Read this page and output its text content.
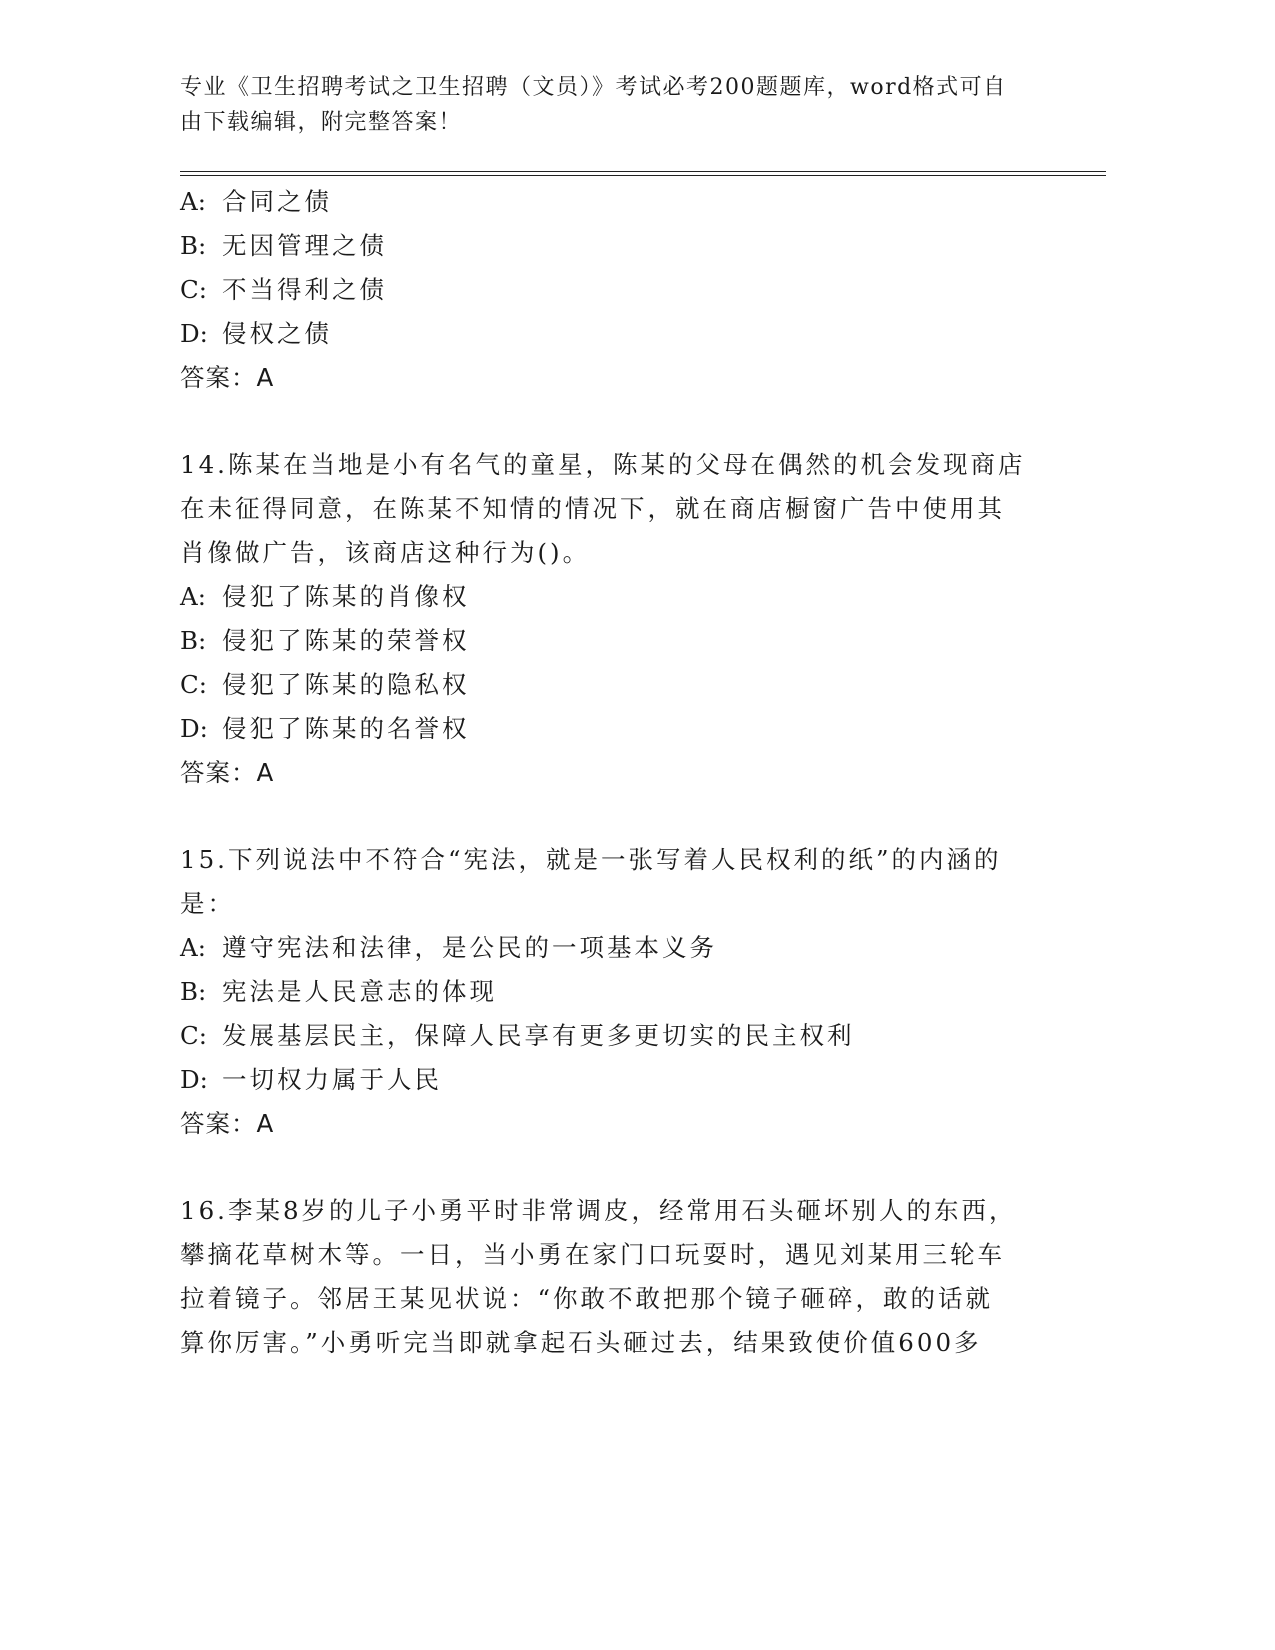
专业《卫生招聘考试之卫生招聘（文员）》考试必考200题题库，word格式可自
由下载编辑，附完整答案！
A: 合同之债
B: 无因管理之债
C: 不当得利之债
D: 侵权之债
答案：A
14.陈某在当地是小有名气的童星，陈某的父母在偶然的机会发现商店
在未征得同意，在陈某不知情的情况下，就在商店橱窗广告中使用其
肖像做广告，该商店这种行为()。
A: 侵犯了陈某的肖像权
B: 侵犯了陈某的荣誉权
C: 侵犯了陈某的隐私权
D: 侵犯了陈某的名誉权
答案：A
15.下列说法中不符合“宪法，就是一张写着人民权利的纸”的内涵的
是：
A: 遵守宪法和法律，是公民的一项基本义务
B: 宪法是人民意志的体现
C: 发展基层民主，保障人民享有更多更切实的民主权利
D: 一切权力属于人民
答案：A
16.李某8岁的儿子小勇平时非常调皮，经常用石头砸坏别人的东西，
攀摘花草树木等。一日，当小勇在家门口玩耍时，遇见刘某用三轮车
拉着镜子。邻居王某见状说：“你敢不敢把那个镜子砸碎，敢的话就
算你厉害。”小勇听完当即就拿起石头砸过去，结果致使价值600多
